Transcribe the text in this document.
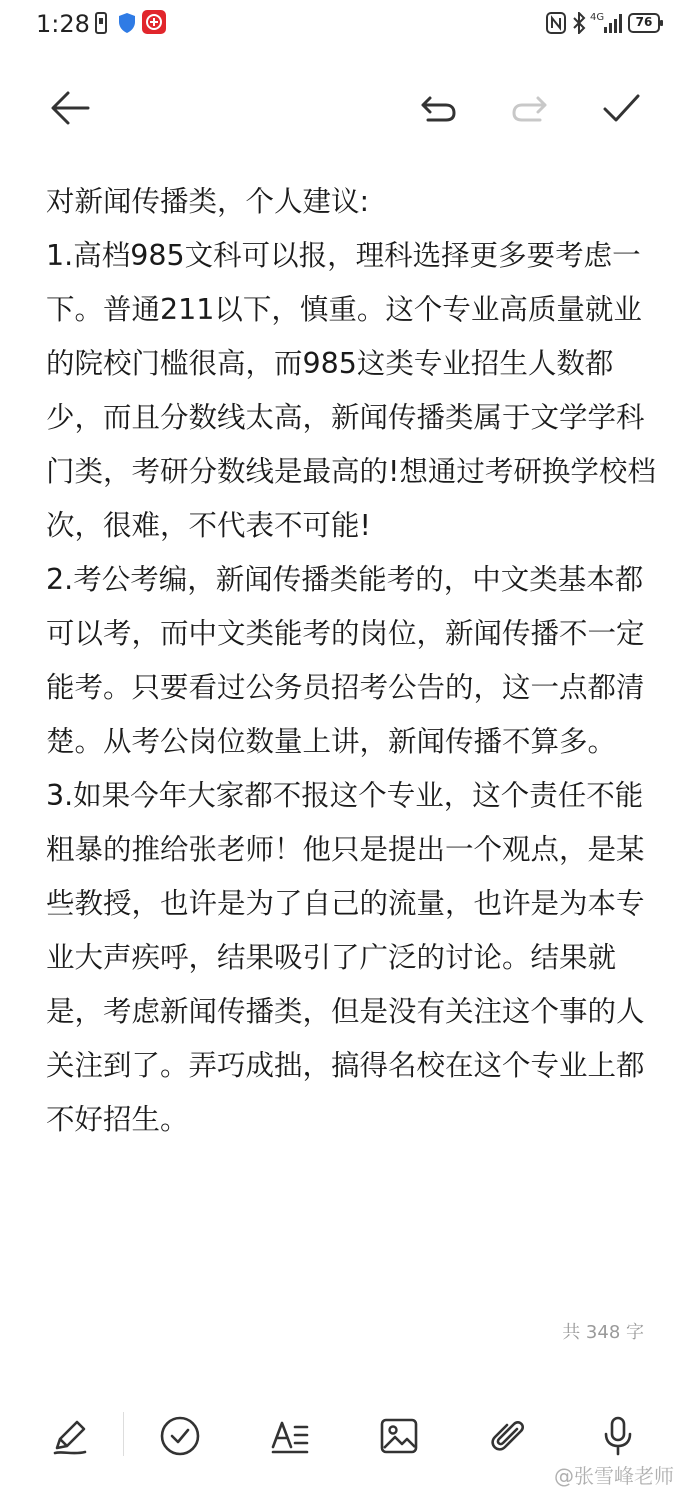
1:28	4G	76

对新闻传播类，个人建议:

1.高档985文科可以报，理科选择更多要考虑一下。普通211以下，慎重。这个专业高质量就业的院校门槛很高，而985这类专业招生人数都少，而且分数线太高，新闻传播类属于文学学科门类，考研分数线是最高的!想通过考研换学校档次，很难，不代表不可能!

2.考公考编，新闻传播类能考的，中文类基本都可以考，而中文类能考的岗位，新闻传播不一定能考。只要看过公务员招考公告的，这一点都清楚。从考公岗位数量上讲，新闻传播不算多。

3.如果今年大家都不报这个专业，这个责任不能粗暴的推给张老师！他只是提出一个观点，是某些教授，也许是为了自己的流量，也许是为本专业大声疾呼，结果吸引了广泛的讨论。结果就是，考虑新闻传播类，但是没有关注这个事的人关注到了。弄巧成拙，搞得名校在这个专业上都不好招生。

共 348 字
@张雪峰老师
